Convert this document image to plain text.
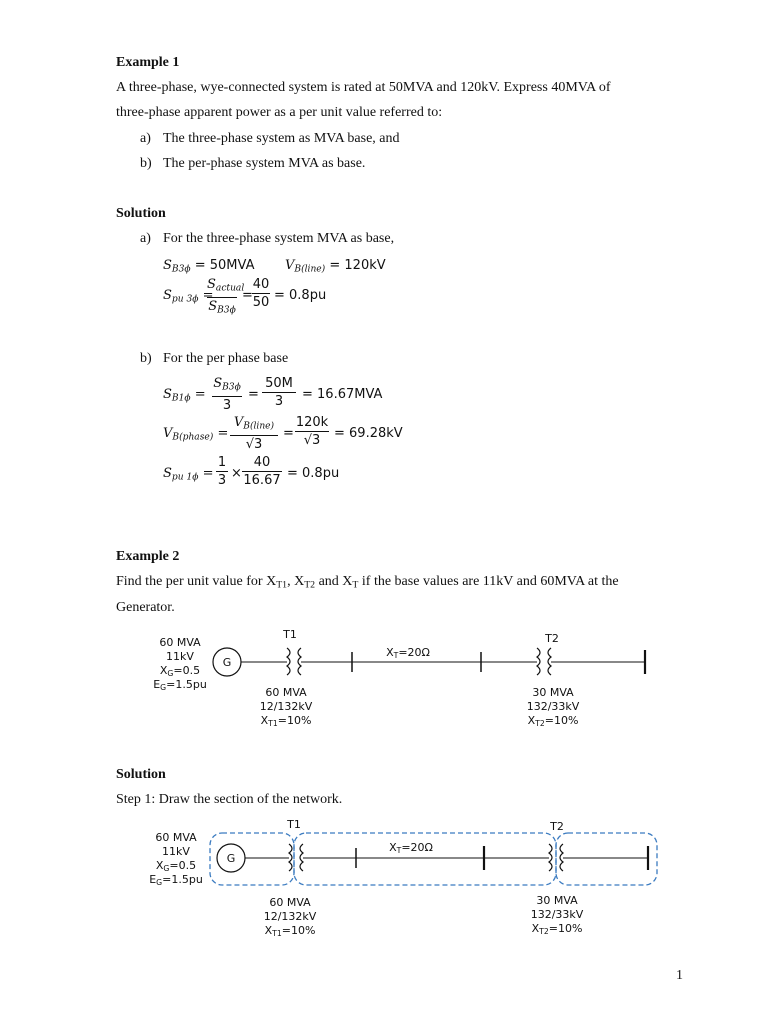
Example 1
A three-phase, wye-connected system is rated at 50MVA and 120kV. Express 40MVA of
three-phase apparent power as a per unit value referred to:
a) The three-phase system as MVA base, and
b) The per-phase system MVA as base.
Solution
a) For the three-phase system MVA as base,
$S_{B3\phi} = 50MVA$ $V_{B(line)} = 120kV$
$S_{pu 3\phi}$ =
$S_{actual}$
$S_{B3\phi}$
=
40
50 = 0.8pu
b) For the per phase base
$S_{B1\phi}$ =
$S_{B3\phi}$
3
=
50M
3	= 16.67MVA
$V_{B(phase)}$ =
$V_{B(line)}$
√3
=
120k
√3	= 69.28kV
$S_{pu 1\phi}$ =
1
3 ×
40
16.67 = 0.8pu
Example 2
Find the per unit value for $X_{T1}$, $X_{T2}$ and $X_T$ if the base values are 11kV and 60MVA at the
Generator.
60 MVA
11kV
$X_G=0.5$
$E_G=1.5pu$
G
T1	T2
$X_T=20\Omega$
60 MVA
12/132kV
$X_{T1}=10\%$
30 MVA
132/33kV
$X_{T2}=10\%$
Solution
Step 1: Draw the section of the network.
60 MVA
11kV
$X_G=0.5$
$E_G=1.5pu$
G
T1	T2
$X_T=20\Omega$
60 MVA
12/132kV
$X_{T1}=10\%$
30 MVA
132/33kV
$X_{T2}=10\%$
1
